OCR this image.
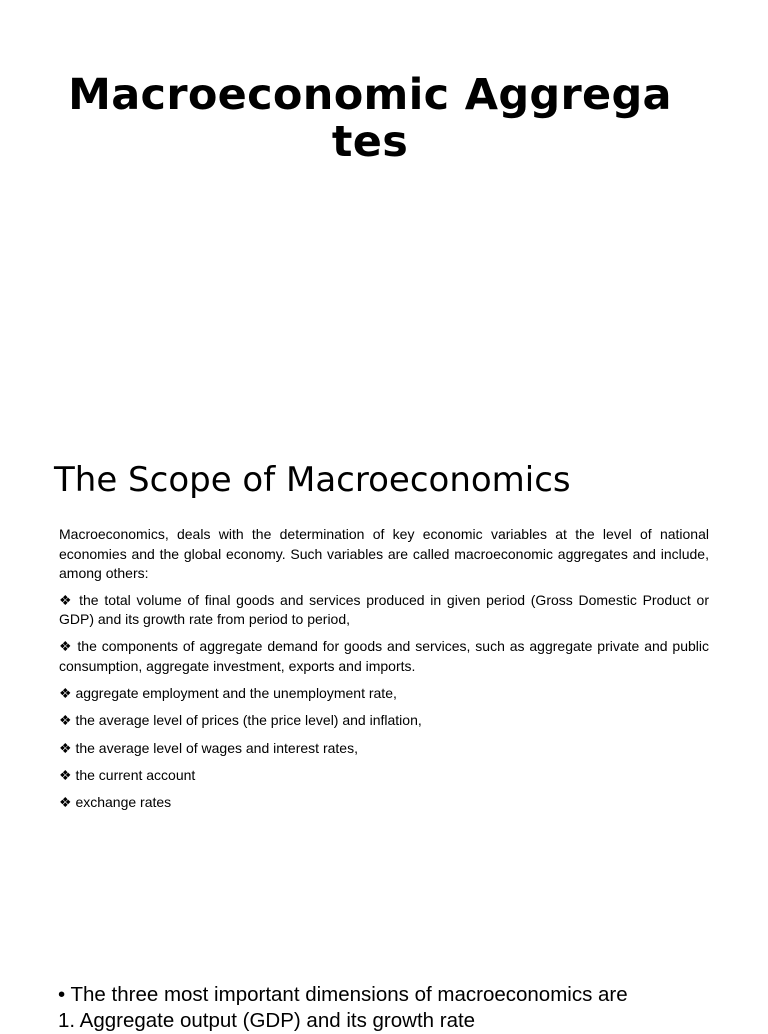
Macroeconomic Aggrega tes
The Scope of Macroeconomics

Macroeconomics, deals with the determination of key economic variables at the level of national economies and the global economy. Such variables are called macroeconomic aggregates and include, among others:

❖ the total volume of final goods and services produced in given period (Gross Domestic Product or GDP) and its growth rate from period to period,
❖ the components of aggregate demand for goods and services, such as aggregate private and public consumption, aggregate investment, exports and imports.
❖ aggregate employment and the unemployment rate,
❖ the average level of prices (the price level) and inflation,
❖ the average level of wages and interest rates,
❖ the current account
❖ exchange rates
• The three most important dimensions of macroeconomics are
1. Aggregate output (GDP) and its growth rate
